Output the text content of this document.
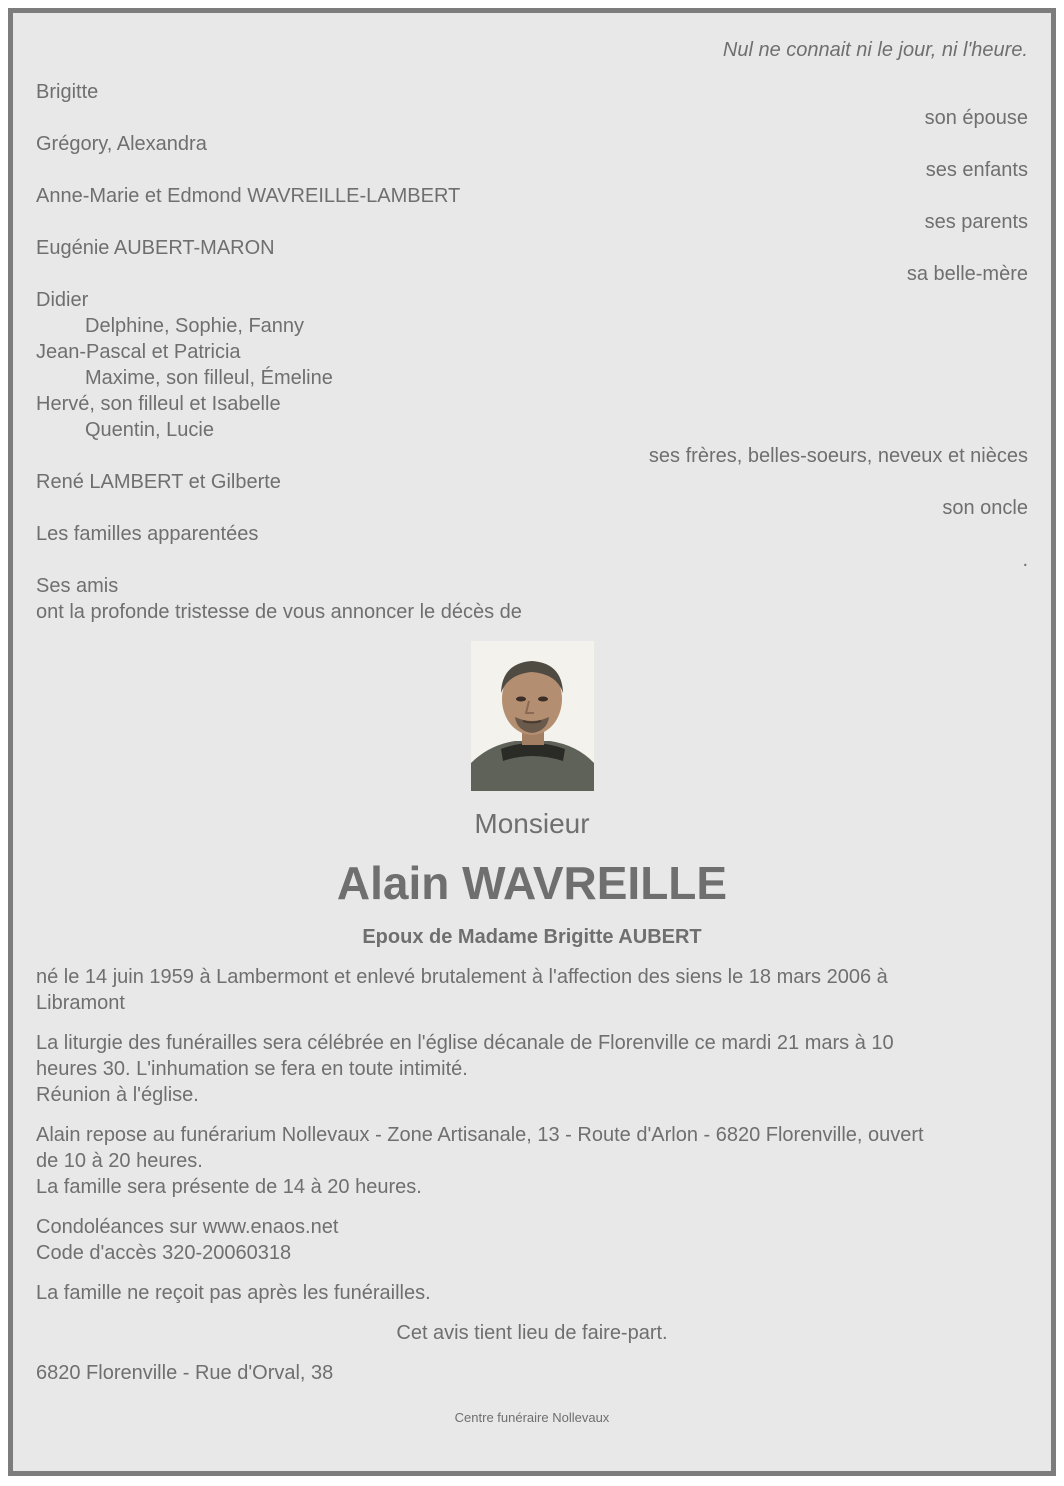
Nul ne connait ni le jour, ni l'heure.

Brigitte
son épouse
Grégory, Alexandra
ses enfants
Anne-Marie et Edmond WAVREILLE-LAMBERT
ses parents
Eugénie AUBERT-MARON
sa belle-mère
Didier
Delphine, Sophie, Fanny
Jean-Pascal et Patricia
Maxime, son filleul, Émeline
Hervé, son filleul et Isabelle
Quentin, Lucie
ses frères, belles-soeurs, neveux et nièces
René LAMBERT et Gilberte
son oncle
Les familles apparentées
.

Ses amis

ont la profonde tristesse de vous annoncer le décès de

Monsieur
Alain WAVREILLE
Epoux de Madame Brigitte AUBERT

né le 14 juin 1959 à Lambermont et enlevé brutalement à l'affection des siens le 18 mars 2006 à
Libramont

La liturgie des funérailles sera célébrée en l'église décanale de Florenville ce mardi 21 mars à 10
heures 30. L'inhumation se fera en toute intimité.
Réunion à l'église.

Alain repose au funérarium Nollevaux - Zone Artisanale, 13 - Route d'Arlon - 6820 Florenville, ouvert
de 10 à 20 heures.
La famille sera présente de 14 à 20 heures.

Condoléances sur www.enaos.net
Code d'accès 320-20060318

La famille ne reçoit pas après les funérailles.

Cet avis tient lieu de faire-part.

6820 Florenville - Rue d'Orval, 38

Centre funéraire Nollevaux
